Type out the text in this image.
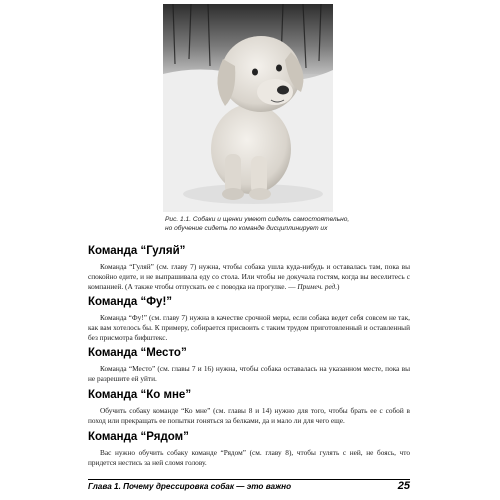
Рис. 1.1. Собаки и щенки умеют сидеть самостоятельно,
но обучение сидеть по команде дисциплинирует их
Команда “Гуляй”
Команда “Гуляй” (см. главу 7) нужна, чтобы собака ушла куда-нибудь и оставалась там, пока вы спокойно едите, и не выпрашивала еду со стола. Или чтобы не докучала гостям, когда вы веселитесь с компанией. (А также чтобы отпускать ее с поводка на прогулке. — Примеч. ред.)
Команда “Фу!”
Команда “Фу!” (см. главу 7) нужна в качестве срочной меры, если собака ведет себя совсем не так, как вам хотелось бы. К примеру, собирается присвоить с таким трудом приготовленный и оставленный без присмотра бифштекс.
Команда “Место”
Команда “Место” (см. главы 7 и 16) нужна, чтобы собака оставалась на указанном месте, пока вы не разрешите ей уйти.
Команда “Ко мне”
Обучить собаку команде “Ко мне” (см. главы 8 и 14) нужно для того, чтобы брать ее с собой в поход или прекращать ее попытки гоняться за белками, да и мало ли для чего еще.
Команда “Рядом”
Вас нужно обучить собаку команде “Рядом” (см. главу 8), чтобы гулять с ней, не боясь, что придется нестись за ней сломя голову.
Глава 1. Почему дрессировка собак — это важно	25
